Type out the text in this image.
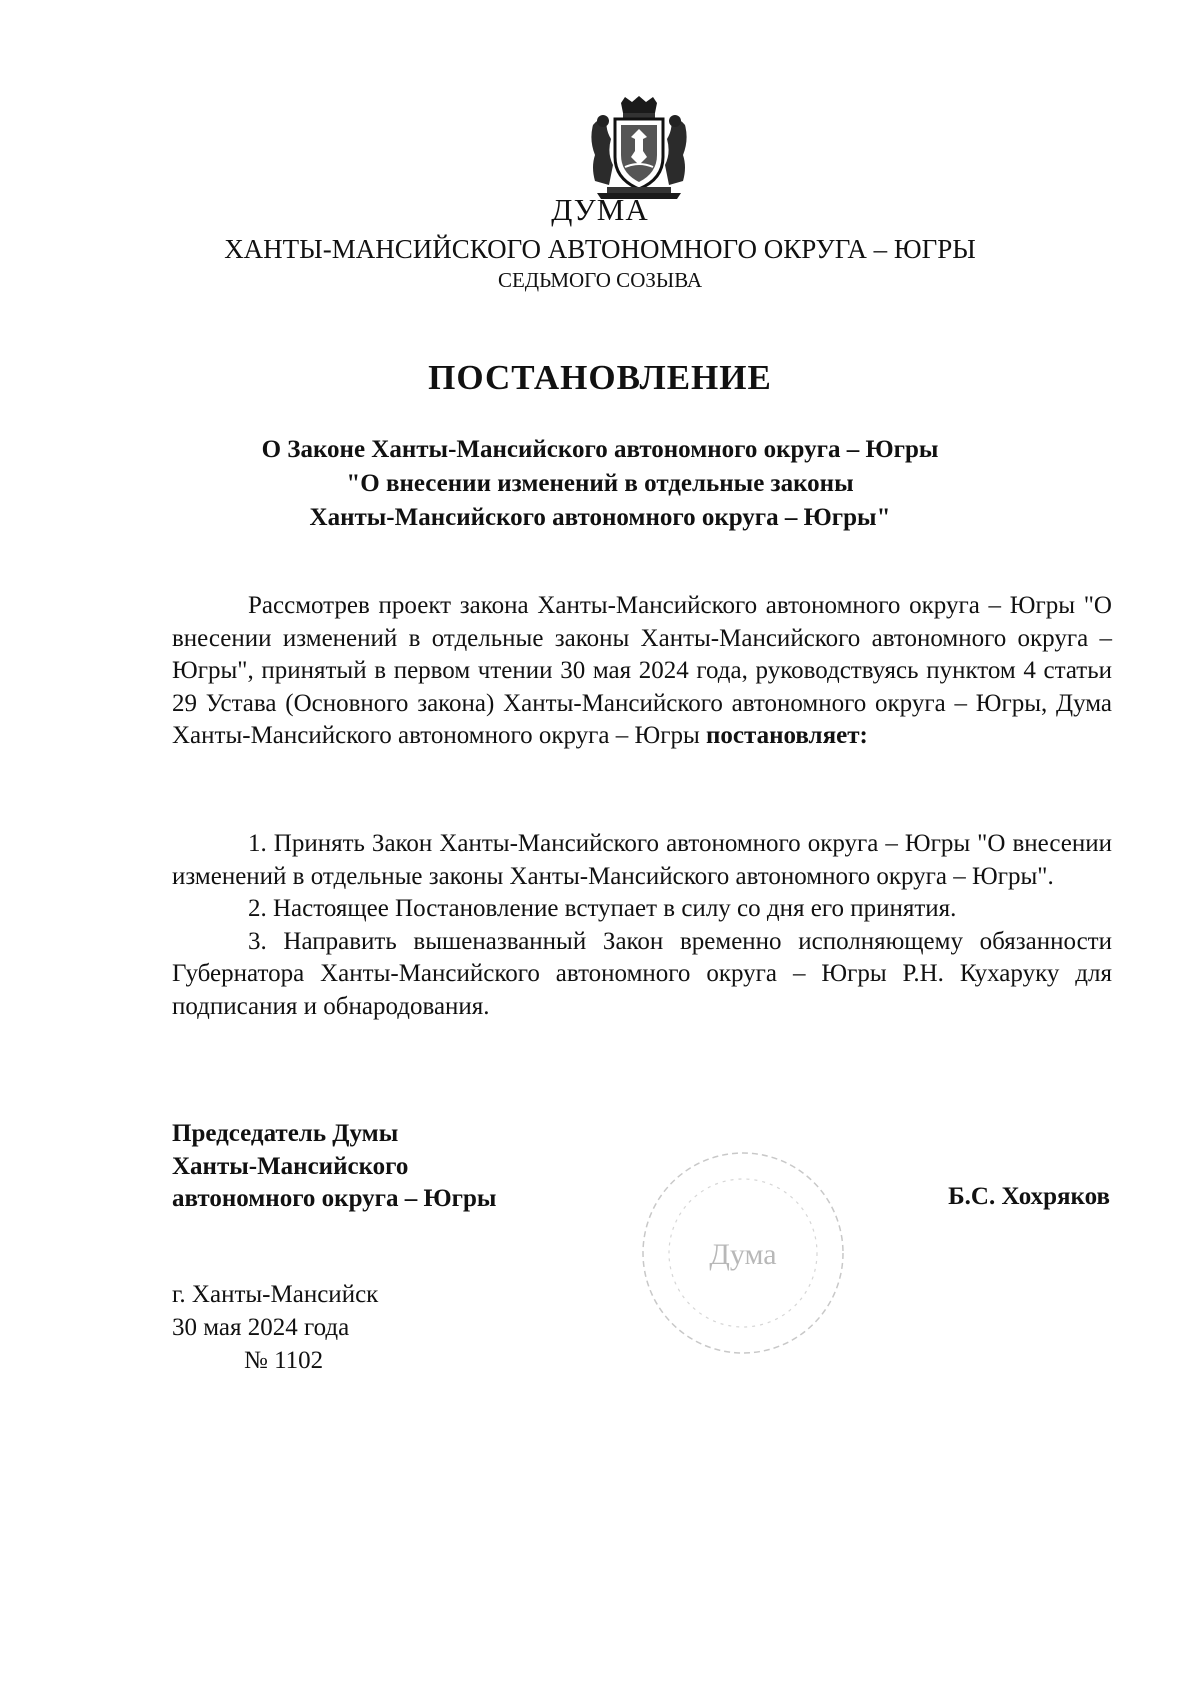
ДУМА
ХАНТЫ-МАНСИЙСКОГО АВТОНОМНОГО ОКРУГА – ЮГРЫ
СЕДЬМОГО СОЗЫВА
ПОСТАНОВЛЕНИЕ
О Законе Ханты-Мансийского автономного округа – Югры
"О внесении изменений в отдельные законы
Ханты-Мансийского автономного округа – Югры"
Рассмотрев проект закона Ханты-Мансийского автономного округа – Югры "О внесении изменений в отдельные законы Ханты-Мансийского автономного округа – Югры", принятый в первом чтении 30 мая 2024 года, руководствуясь пунктом 4 статьи 29 Устава (Основного закона) Ханты-Мансийского автономного округа – Югры, Дума Ханты-Мансийского автономного округа – Югры постановляет:

1. Принять Закон Ханты-Мансийского автономного округа – Югры "О внесении изменений в отдельные законы Ханты-Мансийского автономного округа – Югры".

2. Настоящее Постановление вступает в силу со дня его принятия.

3. Направить вышеназванный Закон временно исполняющему обязанности Губернатора Ханты-Мансийского автономного округа – Югры Р.Н. Кухаруку для подписания и обнародования.

Председатель Думы
Ханты-Мансийского
автономного округа – Югры
Дума
Б.С. Хохряков
г. Ханты-Мансийск
30 мая 2024 года
№ 1102
